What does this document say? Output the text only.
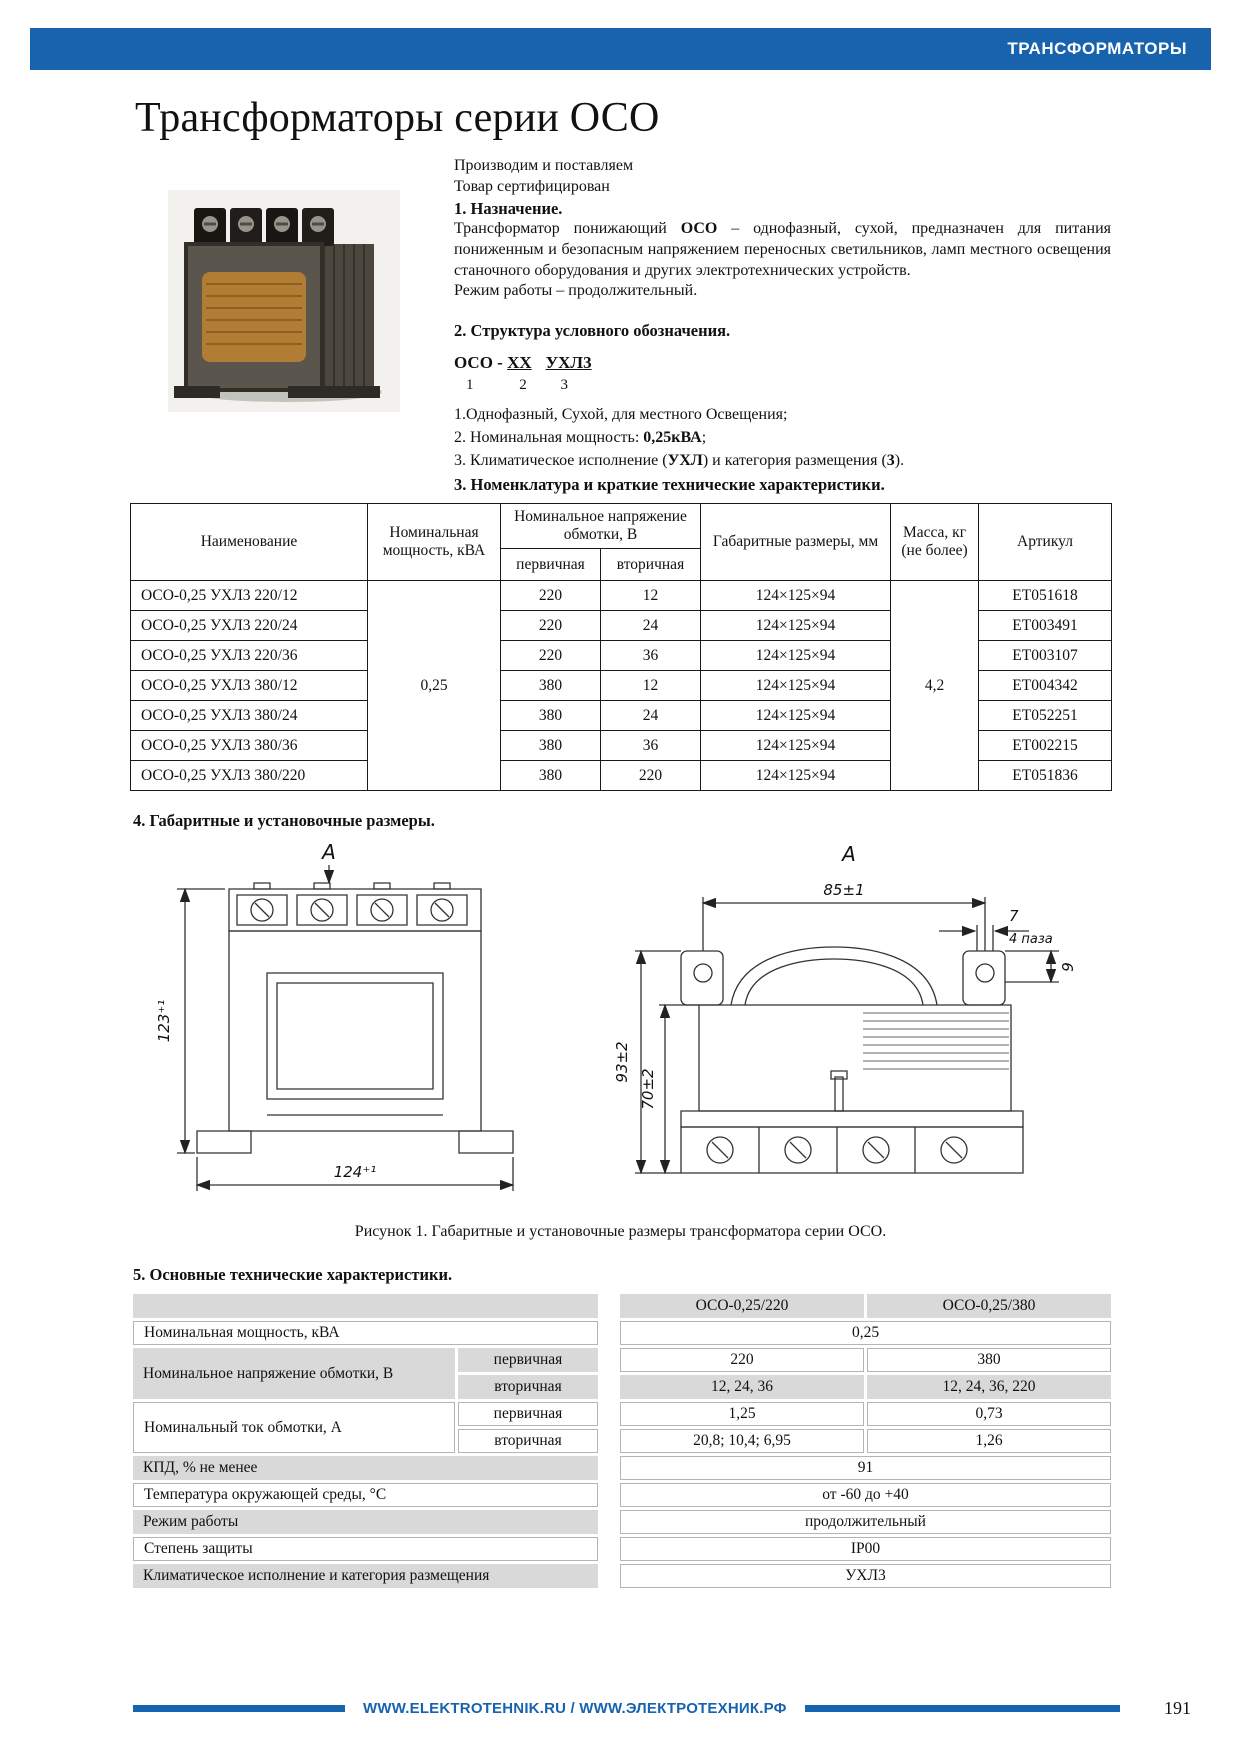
ТРАНСФОРМАТОРЫ
Трансформаторы серии ОСО

Производим и поставляем

Товар сертифицирован

1. Назначение.

Трансформатор понижающий ОСО – однофазный, сухой, предназначен для питания пониженным и безопасным напряжением переносных светильников, ламп местного освещения станочного оборудования и других электротехнических устройств.

Режим работы – продолжительный.

2. Структура условного обозначения.

ОСО - ХХ УХЛ3
1	2 3

1.Однофазный, Сухой, для местного Освещения;

2. Номинальная мощность: 0,25кВА;

3. Климатическое исполнение (УХЛ) и категория размещения (3).

3. Номенклатура и краткие технические характеристики.

Наименование	Номинальная мощность, кВА	Номинальное напряжение обмотки, В		Габаритные размеры, мм	Масса, кг (не более)	Артикул
		первичная	вторичная			
ОСО-0,25 УХЛ3 220/12	0,25	220	12	124×125×94	4,2	ET051618
ОСО-0,25 УХЛ3 220/24		220	24	124×125×94		ET003491
ОСО-0,25 УХЛ3 220/36		220	36	124×125×94		ET003107
ОСО-0,25 УХЛ3 380/12		380	12	124×125×94		ET004342
ОСО-0,25 УХЛ3 380/24		380	24	124×125×94		ET052251
ОСО-0,25 УХЛ3 380/36		380	36	124×125×94		ET002215
ОСО-0,25 УХЛ3 380/220		380	220	124×125×94		ET051836

4. Габаритные и установочные размеры.

А
123⁺¹
124⁺¹
А
85±1
7
4 паза
9
93±2
70±2

Рисунок 1. Габаритные и установочные размеры трансформатора серии ОСО.

5. Основные технические характеристики.

			ОСО-0,25/220	ОСО-0,25/380
Номинальная мощность, кВА			0,25	
Номинальное напряжение обмотки, В	первичная		220	380
	вторичная		12, 24, 36	12, 24, 36, 220
Номинальный ток обмотки, А	первичная		1,25	0,73
	вторичная		20,8; 10,4; 6,95	1,26
КПД, % не менее			91	
Температура окружающей среды, °С			от -60 до +40	
Режим работы			продолжительный	
Степень защиты			IP00	
Климатическое исполнение и категория размещения			УХЛ3	
WWW.ELEKTROTEHNIK.RU / WWW.ЭЛЕКТРОТЕХНИК.РФ	191
